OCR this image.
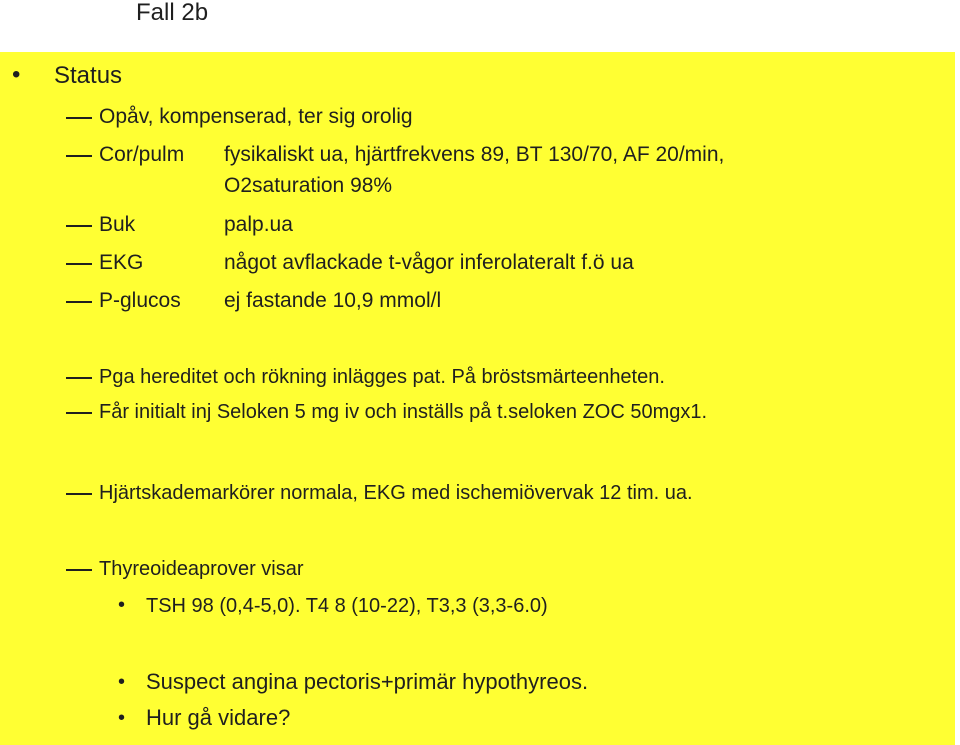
Fall 2b
• Status
Opåv, kompenserad, ter sig orolig
Cor/pulm fysikaliskt ua, hjärtfrekvens 89, BT 130/70, AF 20/min,
O2saturation 98%
Buk	palp.ua
EKG	något avflackade t-vågor inferolateralt f.ö ua
P-glucos ej fastande 10,9 mmol/l
Pga hereditet och rökning inlägges pat. På bröstsmärteenheten.
Får initialt inj Seloken 5 mg iv och inställs på t.seloken ZOC 50mgx1.
Hjärtskademarkörer normala, EKG med ischemiövervak 12 tim. ua.
Thyreoideaprover visar
• TSH 98 (0,4-5,0). T4 8 (10-22), T3,3 (3,3-6.0)
• Suspect angina pectoris+primär hypothyreos.
• Hur gå vidare?
